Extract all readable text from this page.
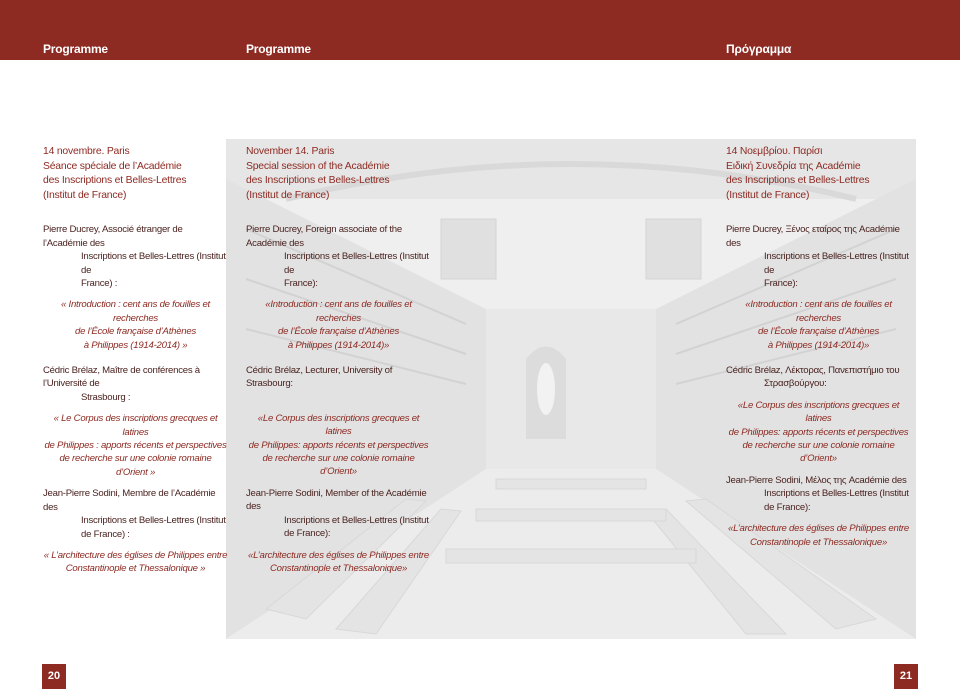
Programme	Programme	Πρόγραμμα
14 novembre. Paris
Séance spéciale de l’Académie
des Inscriptions et Belles-Lettres
(Institut de France)
Pierre Ducrey, Associé étranger de l’Académie des
Inscriptions et Belles-Lettres (Institut de
France) :
« Introduction : cent ans de fouilles et recherches
de l’École française d’Athènes
à Philippes (1914-2014) »
Cédric Brélaz, Maître de conférences à l’Université de
Strasbourg :
« Le Corpus des inscriptions grecques et latines
de Philippes : apports récents et perspectives
de recherche sur une colonie romaine d’Orient »
Jean-Pierre Sodini, Membre de l’Académie des
Inscriptions et Belles-Lettres (Institut
de France) :
« L’architecture des églises de Philippes entre
Constantinople et Thessalonique »
November 14. Paris
Special session of the Académie
des Inscriptions et Belles-Lettres
(Institut de France)
Pierre Ducrey, Foreign associate of the Académie des
Inscriptions et Belles-Lettres (Institut de
France):
«Introduction : cent ans de fouilles et recherches
de l’École française d’Athènes
à Philippes (1914-2014)»
Cédric Brélaz, Lecturer, University of Strasbourg:
«Le Corpus des inscriptions grecques et latines
de Philippes: apports récents et perspectives
de recherche sur une colonie romaine d’Orient»
Jean-Pierre Sodini, Member of the Académie des
Inscriptions et Belles-Lettres (Institut
de France):
«L’architecture des églises de Philippes entre
Constantinople et Thessalonique»
14 Νοεμβρίου. Παρίσι
Ειδική Συνεδρία της Académie
des Inscriptions et Belles-Lettres
(Institut de France)
Pierre Ducrey, Ξένος εταίρος της Académie des
Inscriptions et Belles-Lettres (Institut de
France):
«Introduction : cent ans de fouilles et recherches
de l’École française d’Athènes
à Philippes (1914-2014)»
Cédric Brélaz, Λέκτορας, Πανεπιστήμιο του
Στρασβούργου:
«Le Corpus des inscriptions grecques et latines
de Philippes: apports récents et perspectives
de recherche sur une colonie romaine d’Orient»
Jean-Pierre Sodini, Μέλος της Académie des
Inscriptions et Belles-Lettres (Institut
de France):
«L’architecture des églises de Philippes entre
Constantinople et Thessalonique»
20	21
